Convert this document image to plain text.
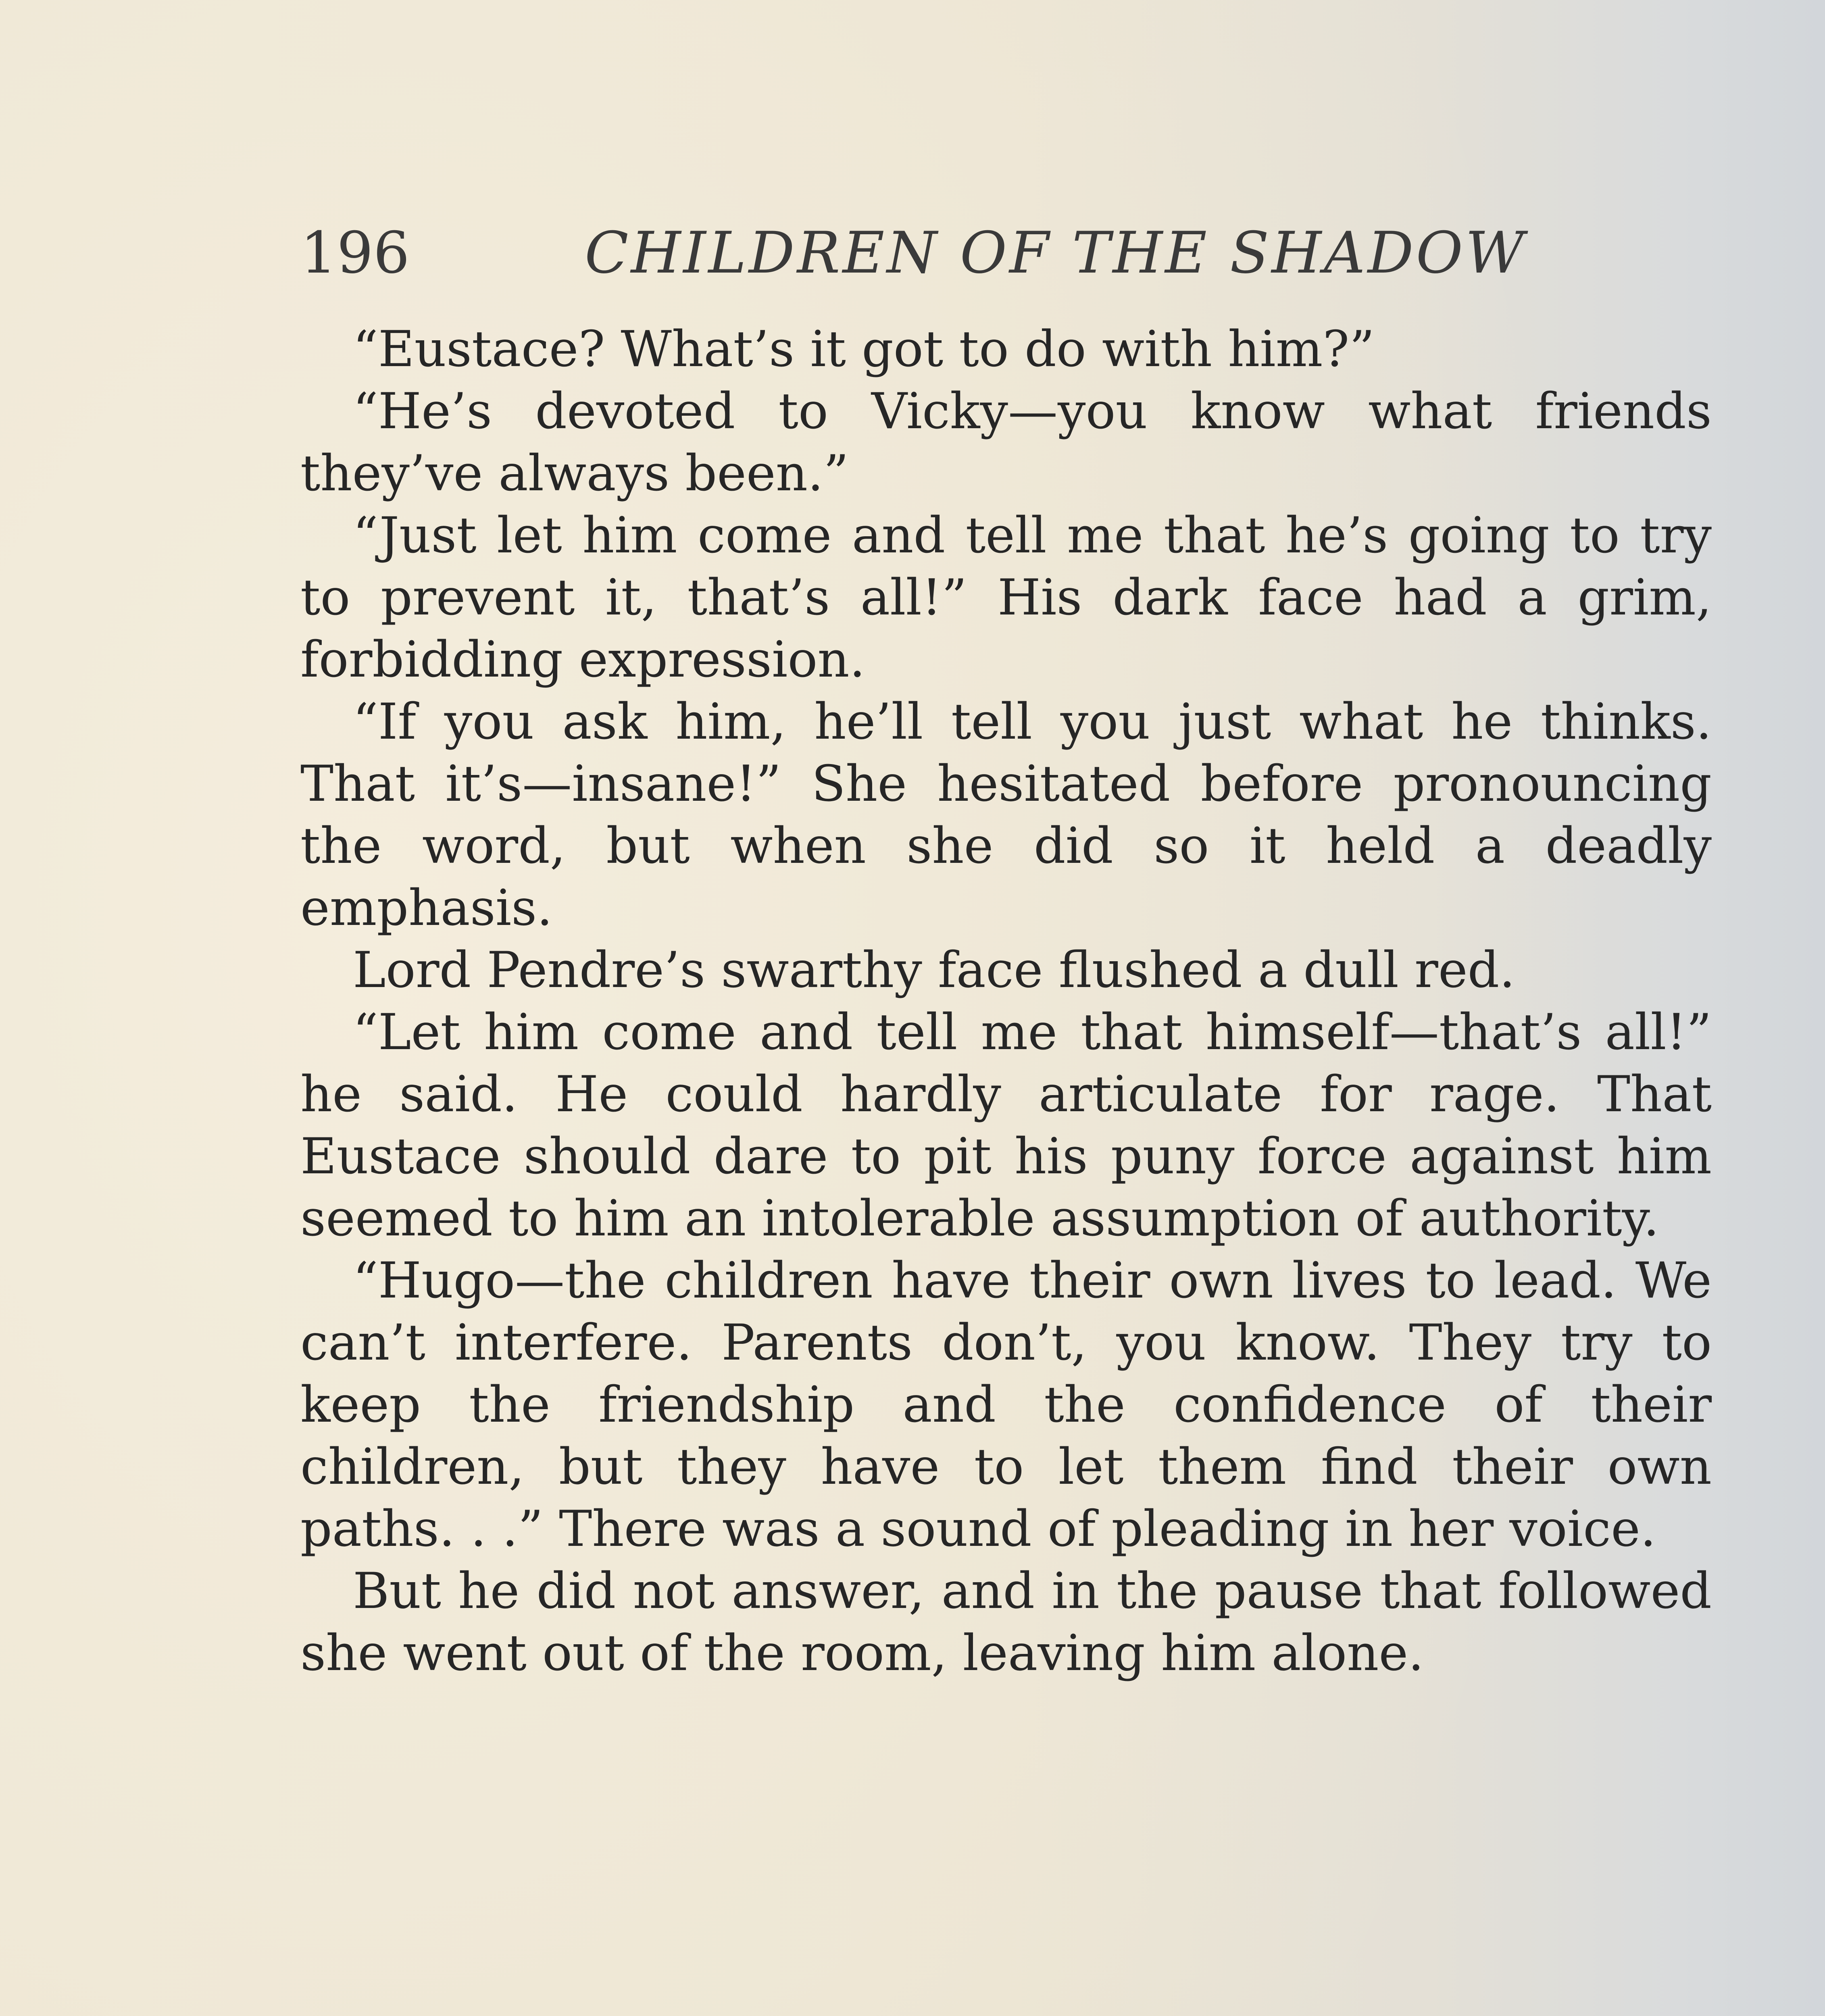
196	CHILDREN OF THE SHADOW

“Eustace? What’s it got to do with him?”

“He’s devoted to Vicky—you know what friends they’ve always been.”

“Just let him come and tell me that he’s going to try to prevent it, that’s all!” His dark face had a grim, forbidding expression.

“If you ask him, he’ll tell you just what he thinks. That it’s—insane!” She hesitated before pronouncing the word, but when she did so it held a deadly emphasis.

Lord Pendre’s swarthy face flushed a dull red.

“Let him come and tell me that himself—that’s all!” he said. He could hardly articulate for rage. That Eustace should dare to pit his puny force against him seemed to him an intolerable assumption of authority.

“Hugo—the children have their own lives to lead. We can’t interfere. Parents don’t, you know. They try to keep the friendship and the confidence of their children, but they have to let them find their own paths. . .” There was a sound of pleading in her voice.

But he did not answer, and in the pause that followed she went out of the room, leaving him alone.
